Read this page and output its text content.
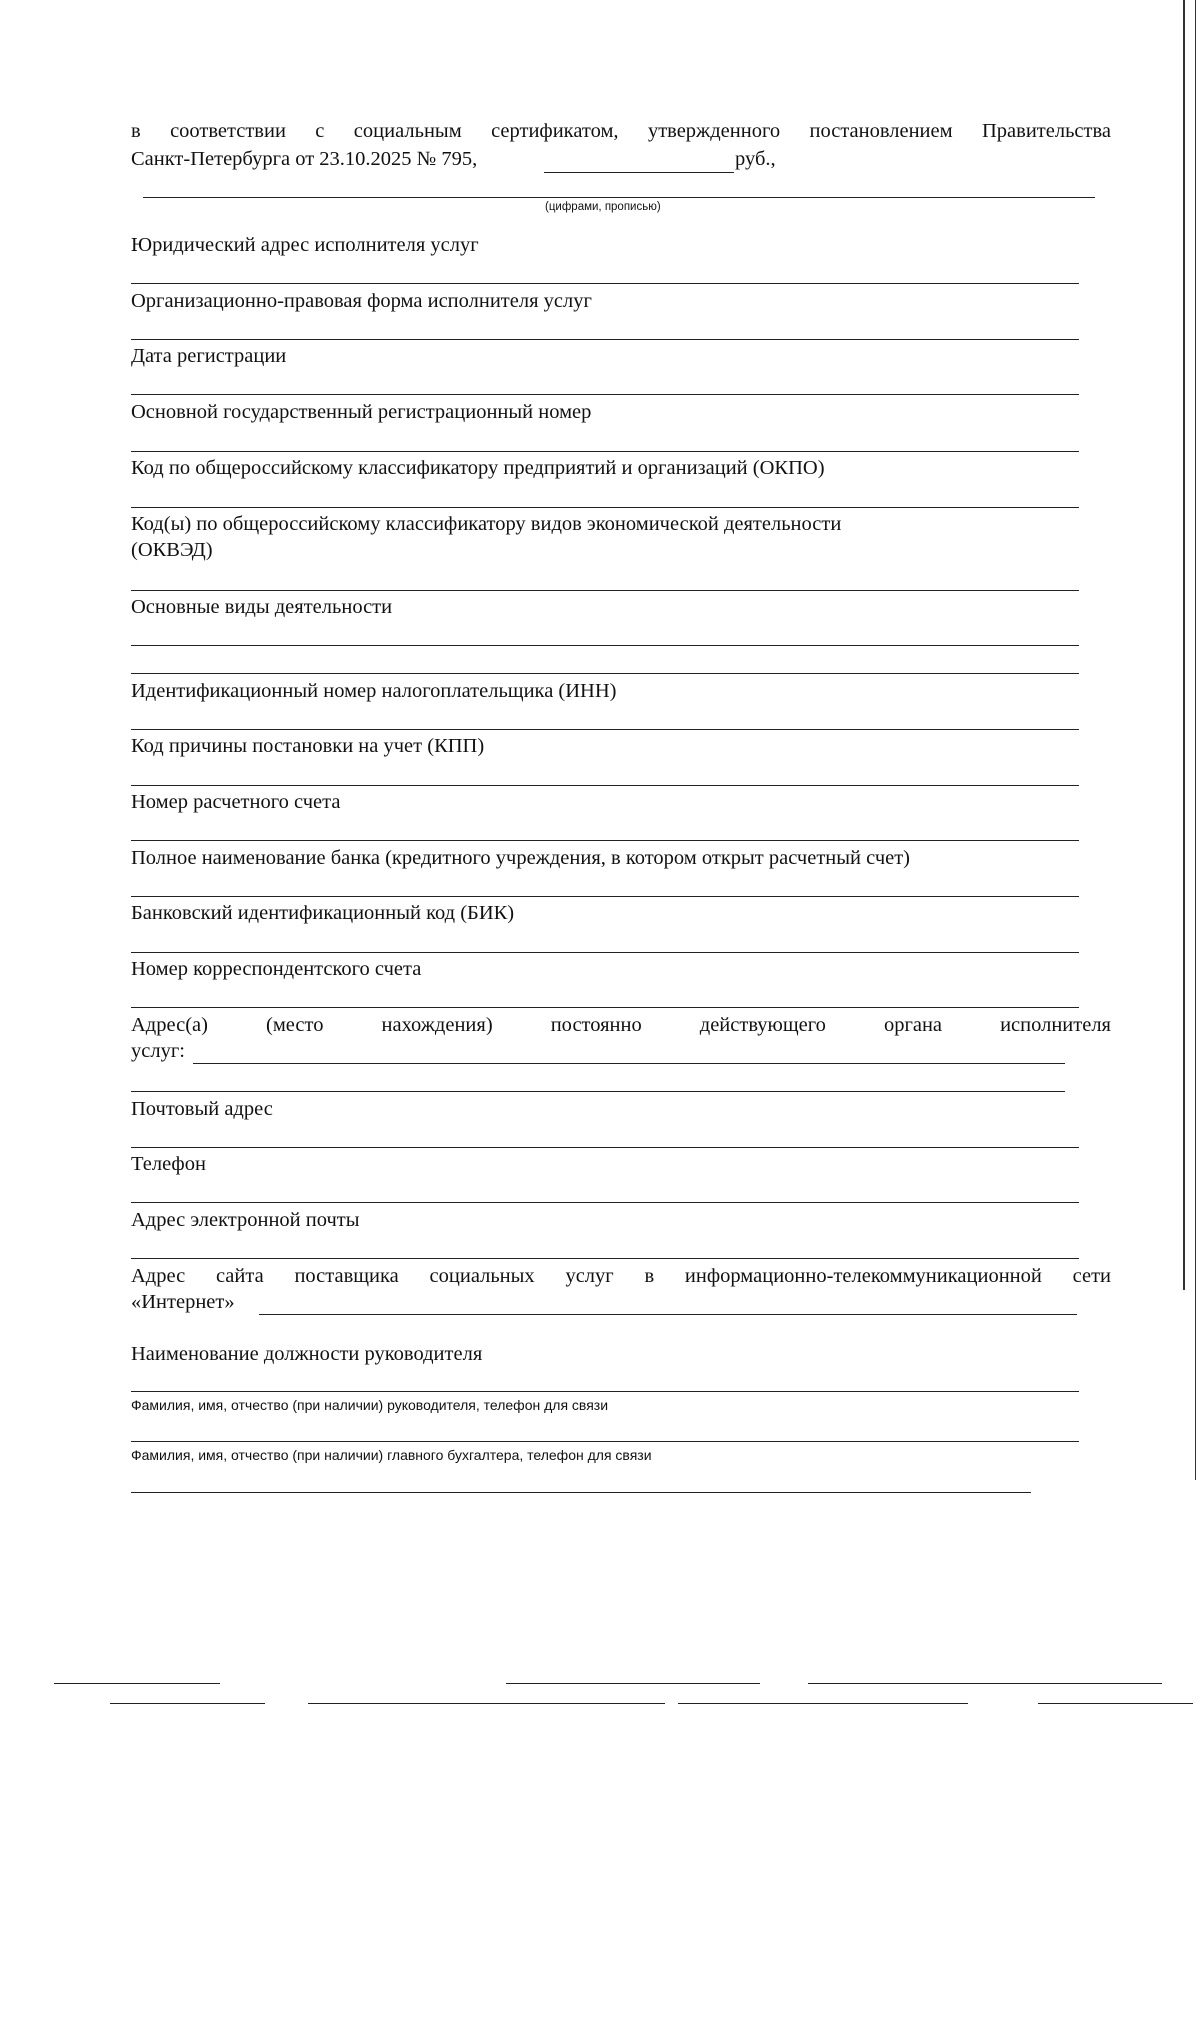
в соответствии с социальным сертификатом, утвержденного постановлением Правительства
Санкт-Петербурга от 23.10.2025 № 795,	руб.,
(цифрами, прописью)
Юридический адрес исполнителя услуг
Организационно-правовая форма исполнителя услуг
Дата регистрации
Основной государственный регистрационный номер
Код по общероссийскому классификатору предприятий и организаций (ОКПО)
Код(ы) по общероссийскому классификатору видов экономической деятельности
(ОКВЭД)
Основные виды деятельности
Идентификационный номер налогоплательщика (ИНН)
Код причины постановки на учет (КПП)
Номер расчетного счета
Полное наименование банка (кредитного учреждения, в котором открыт расчетный счет)
Банковский идентификационный код (БИК)
Номер корреспондентского счета
Адрес(а) (место нахождения) постоянно действующего органа исполнителя
услуг:
Почтовый адрес
Телефон
Адрес электронной почты
Адрес сайта поставщика социальных услуг в информационно-телекоммуникационной сети
«Интернет»
Наименование должности руководителя
Фамилия, имя, отчество (при наличии) руководителя, телефон для связи
Фамилия, имя, отчество (при наличии) главного бухгалтера, телефон для связи
